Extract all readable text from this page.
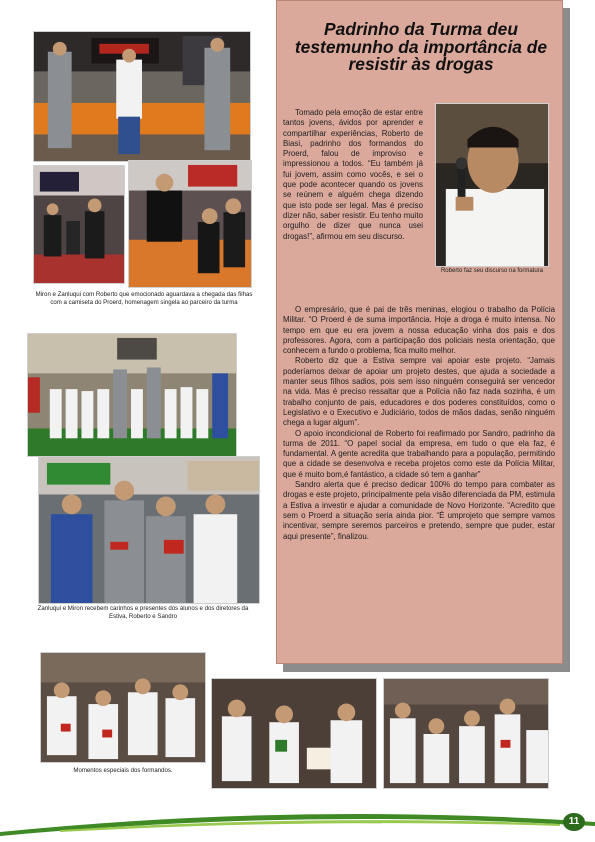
Miron e Zanluqui com Roberto que emocionado aguardava a chegada das filhas com a camiseta do Proerd, homenagem singela ao parceiro da turma
Zanluqui e Miron recebem carinhos e presentes dos alunos e dos diretores da Estiva, Roberto e Sandro
Momentos especiais dos formandos.
Padrinho da Turma deu testemunho da importância de resistir às drogas

Tomado pela emoção de estar entre tantos jovens, ávidos por aprender e compartilhar experiências, Roberto de Biasi, padrinho dos formandos do Proerd, falou de improviso e impressionou a todos. “Eu também já fui jovem, assim como vocês, e sei o que pode acontecer quando os jovens se reúnem e alguém chega dizendo que isto pode ser legal. Mas é preciso dizer não, saber resistir. Eu tenho muito orgulho de dizer que nunca usei drogas!”, afirmou em seu discurso.

Roberto faz seu discurso na formatura

O empresário, que é pai de três meninas, elogiou o trabalho da Polícia Militar. “O Proerd é de suma importância. Hoje a droga é muito intensa. No tempo em que eu era jovem a nossa educação vinha dos pais e dos professores. Agora, com a participação dos policiais nesta orientação, que conhecem a fundo o problema, fica muito melhor.

Roberto diz que a Estiva sempre vai apoiar este projeto. “Jamais poderíamos deixar de apoiar um projeto destes, que ajuda a sociedade a manter seus filhos sadios, pois sem isso ninguém conseguirá ser vencedor na vida. Mas é preciso ressaltar que a Polícia não faz nada sozinha, é um trabalho conjunto de pais, educadores e dos poderes constituídos, como o Legislativo e o Executivo e Judiciário, todos de mãos dadas, senão ninguém chega a lugar algum”.

O apoio incondicional de Roberto foi reafirmado por Sandro, padrinho da turma de 2011. “O papel social da empresa, em tudo o que ela faz, é fundamental. A gente acredita que trabalhando para a população, permitindo que a cidade se desenvolva e receba projetos como este da Polícia Militar, que é muito bom,é fantástico, a cidade só tem a ganhar”

Sandro alerta que é preciso dedicar 100% do tempo para combater as drogas e este projeto, principalmente pela visão diferenciada da PM, estimula a Estiva a investir e ajudar a comunidade de Novo Horizonte. “Acredito que sem o Proerd a situação seria ainda pior. “É umprojeto que sempre vamos incentivar, sempre seremos parceiros e pretendo, sempre que puder, estar aqui presente”, finalizou.

11
